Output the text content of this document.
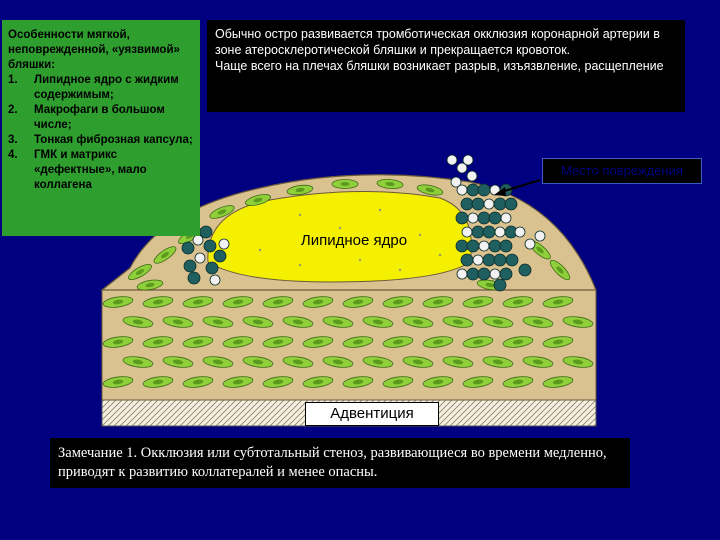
Липидное ядро
Особенности мягкой, неповрежденной, «уязвимой» бляшки:
1. Липидное ядро с жидким содержимым;
2. Макрофаги в большом числе;
3. Тонкая фиброзная капсула;
4. ГМК и матрикс «дефектные», мало коллагена
Обычно остро развивается тромботическая окклюзия коронарной артерии в зоне атеросклеротической бляшки и прекращается кровоток.
Чаще всего на плечах бляшки возникает разрыв, изъязвление, расщепление
Место повреждения
Адвентиция
Замечание 1. Окклюзия или субтотальный стеноз, развивающиеся во времени медленно, приводят к развитию коллатералей и менее опасны.
